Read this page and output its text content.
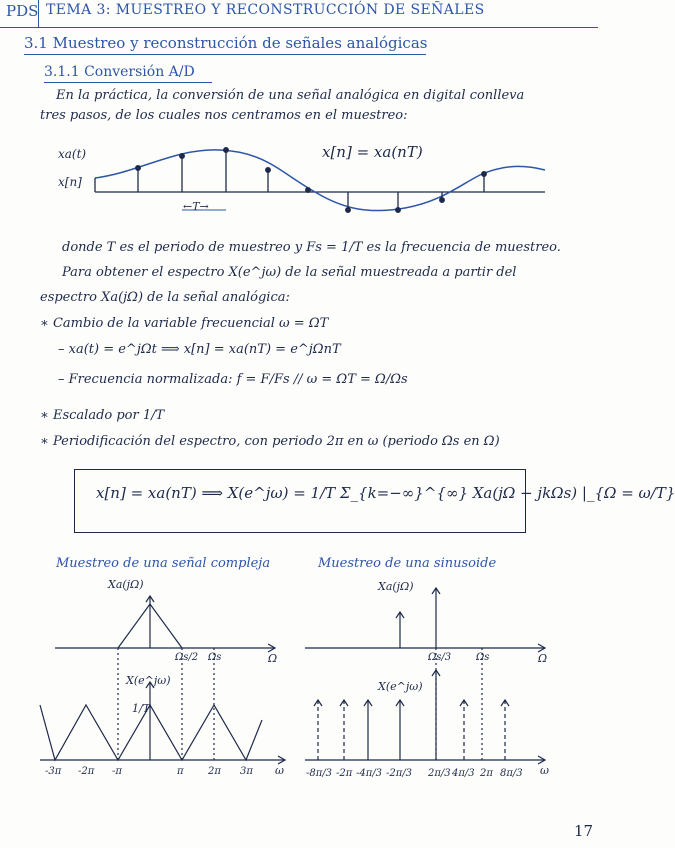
PDS TEMA 3: MUESTREO Y RECONSTRUCCIÓN DE SEÑALES
3.1 Muestreo y reconstrucción de señales analógicas
3.1.1 Conversión A/D
En la práctica, la conversión de una señal analógica en digital conlleva
tres pasos, de los cuales nos centramos en el muestreo:
xa(t)
x[n]
x[n] = xa(nT)
←T→
donde T es el periodo de muestreo y Fs = 1/T es la frecuencia de muestreo.
Para obtener el espectro X(e^jω) de la señal muestreada a partir del
espectro Xa(jΩ) de la señal analógica:
∗ Cambio de la variable frecuencial ω = ΩT
– xa(t) = e^jΩt ⟹ x[n] = xa(nT) = e^jΩnT
– Frecuencia normalizada: f = F/Fs // ω = ΩT = Ω/Ωs
∗ Escalado por 1/T
∗ Periodificación del espectro, con periodo 2π en ω (periodo Ωs en Ω)
x[n] = xa(nT) ⟹ X(e^jω) = 1/T Σ_{k=−∞}^{∞} Xa(jΩ − jkΩs) |_{Ω = ω/T}
Muestreo de una señal compleja
Xa(jΩ)
Ω
Ωs/2 Ωs
X(e^jω)
1/T
ω
-3π -2π -π	π 2π 3π
Muestreo de una sinusoide
Xa(jΩ)
Ω
Ωs/3 Ωs
X(e^jω)
ω
-8π/3 -2π -4π/3 -2π/3 2π/3 4π/3 2π 8π/3
17
